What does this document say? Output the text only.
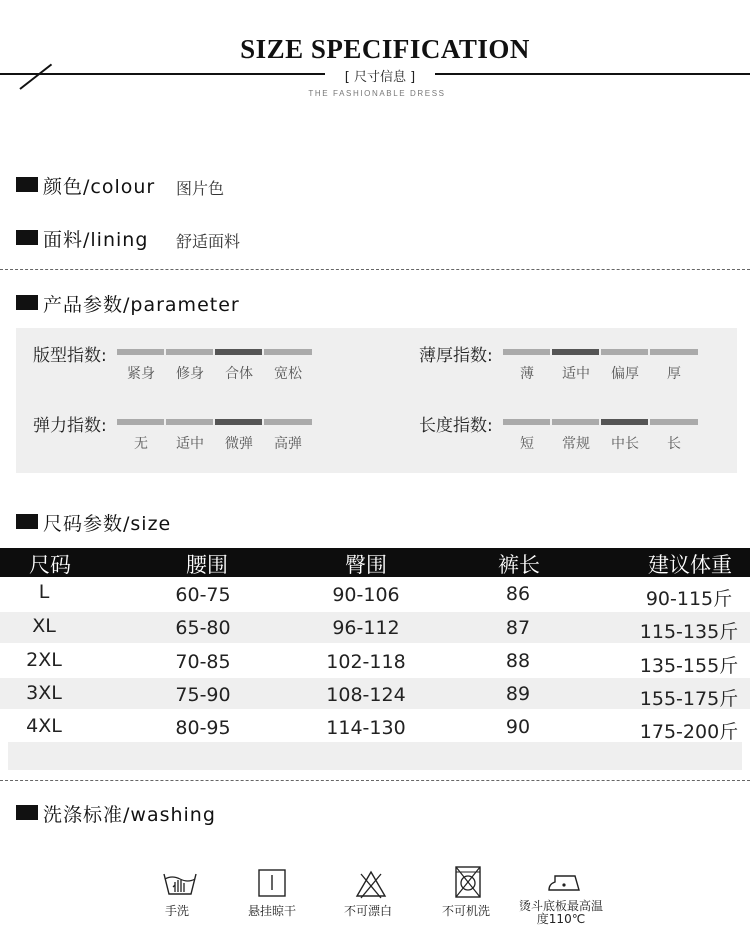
SIZE SPECIFICATION
[ 尺寸信息 ]
THE FASHIONABLE DRESS
颜色/colour 图片色
面料/lining 舒适面料
产品参数/parameter
版型指数:
紧身	修身	合体	宽松
薄厚指数:
薄	适中	偏厚	厚
弹力指数:
无	适中	微弹	高弹
长度指数:
短	常规	中长	长
尺码参数/size
尺码	腰围	臀围	裤长	建议体重
L	60-75	90-106	86	90-115斤
XL	65-80	96-112	87	115-135斤
2XL	70-85	102-118	88	135-155斤
3XL	75-90	108-124	89	155-175斤
4XL	80-95	114-130	90	175-200斤
洗涤标准/washing
手洗	悬挂晾干	不可漂白	不可机洗	烫斗底板最高温度110℃
